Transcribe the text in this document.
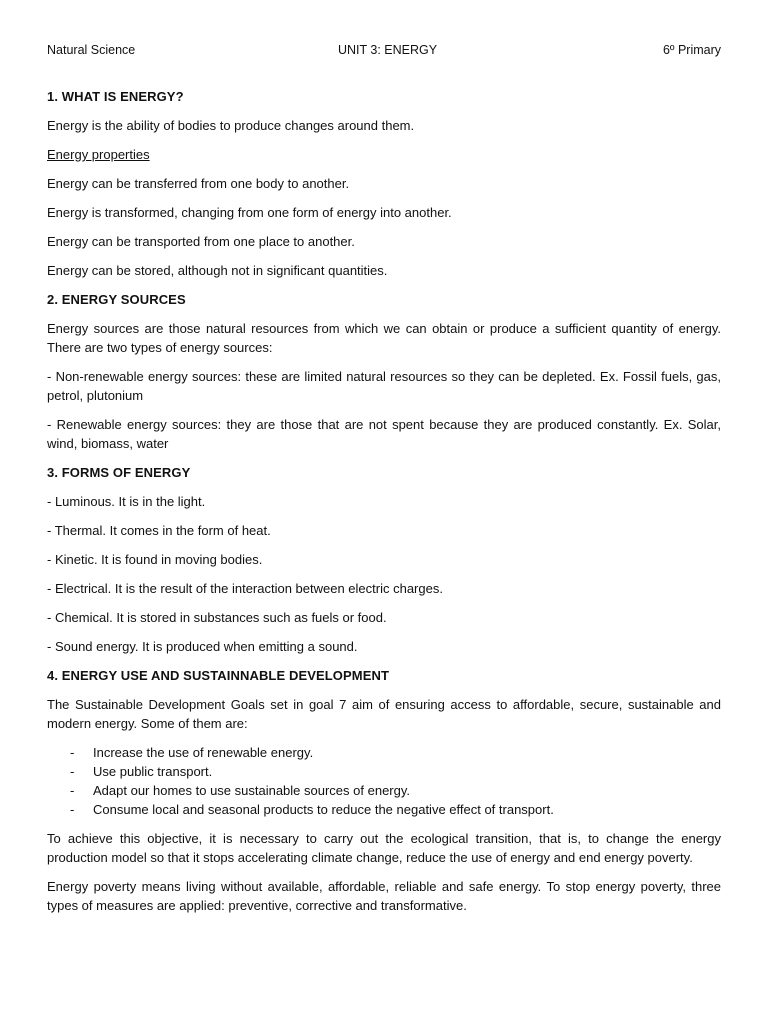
Natural Science	UNIT 3: ENERGY	6º Primary
1. WHAT IS ENERGY?

Energy is the ability of bodies to produce changes around them.

Energy properties

Energy can be transferred from one body to another.

Energy is transformed, changing from one form of energy into another.

Energy can be transported from one place to another.

Energy can be stored, although not in significant quantities.

2. ENERGY SOURCES

Energy sources are those natural resources from which we can obtain or produce a sufficient quantity of energy. There are two types of energy sources:

- Non-renewable energy sources: these are limited natural resources so they can be depleted. Ex. Fossil fuels, gas, petrol, plutonium

- Renewable energy sources: they are those that are not spent because they are produced constantly. Ex. Solar, wind, biomass, water

3. FORMS OF ENERGY

- Luminous. It is in the light.

- Thermal. It comes in the form of heat.

- Kinetic. It is found in moving bodies.

- Electrical. It is the result of the interaction between electric charges.

- Chemical. It is stored in substances such as fuels or food.

- Sound energy. It is produced when emitting a sound.

4. ENERGY USE AND SUSTAINNABLE DEVELOPMENT

The Sustainable Development Goals set in goal 7 aim of ensuring access to affordable, secure, sustainable and modern energy. Some of them are:

- Increase the use of renewable energy.
- Use public transport.
- Adapt our homes to use sustainable sources of energy.
- Consume local and seasonal products to reduce the negative effect of transport.

To achieve this objective, it is necessary to carry out the ecological transition, that is, to change the energy production model so that it stops accelerating climate change, reduce the use of energy and end energy poverty.

Energy poverty means living without available, affordable, reliable and safe energy. To stop energy poverty, three types of measures are applied: preventive, corrective and transformative.
